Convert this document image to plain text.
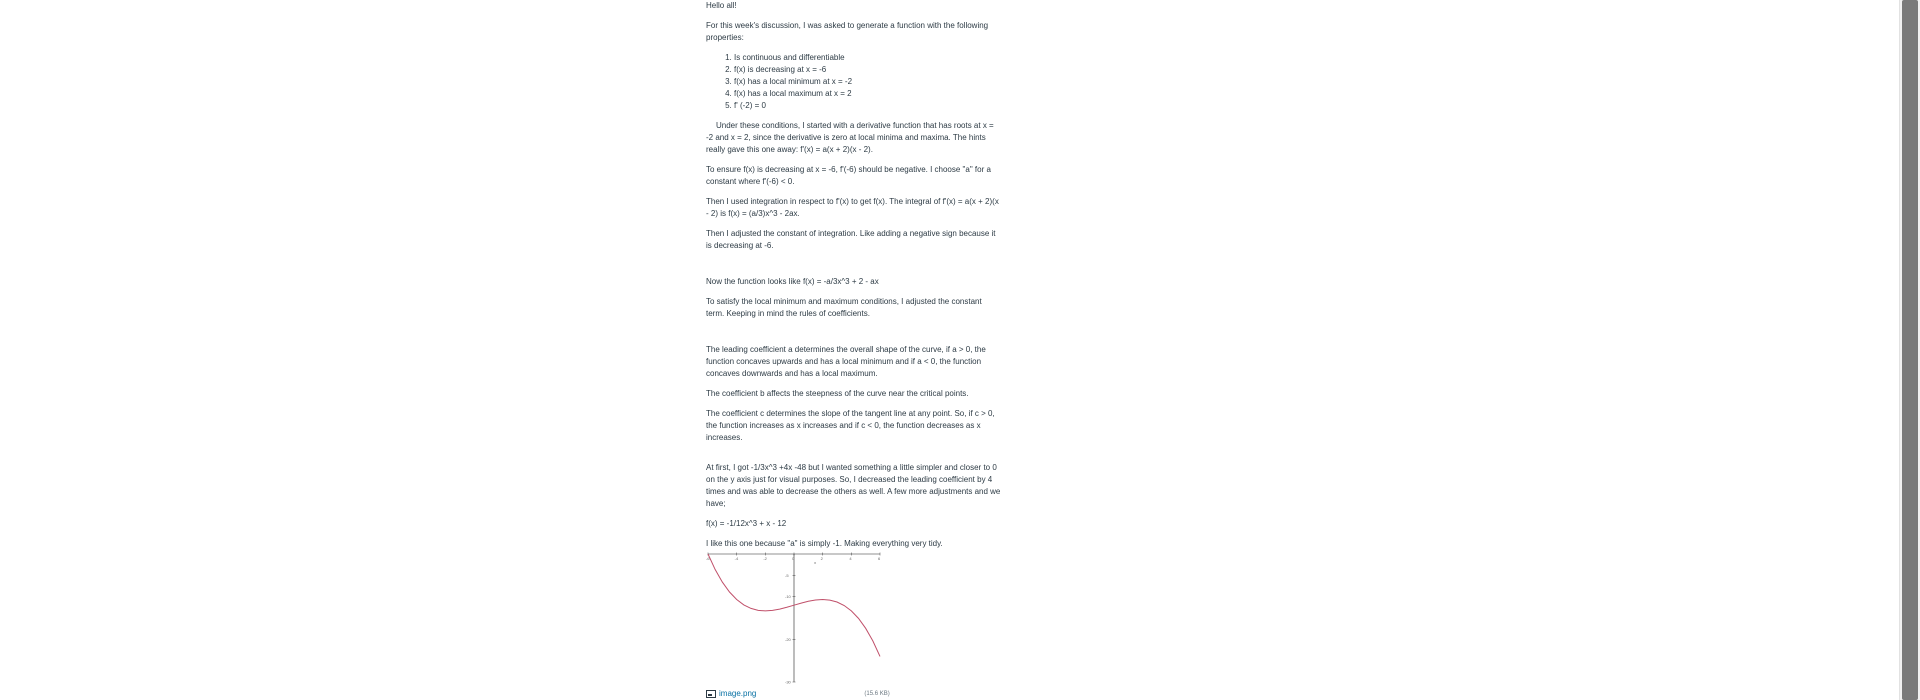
Hello all!

For this week's discussion, I was asked to generate a function with the following properties:

1. Is continuous and differentiable
2. f(x) is decreasing at x = -6
3. f(x) has a local minimum at x = -2
4. f(x) has a local maximum at x = 2
5. f' (-2) = 0

Under these conditions, I started with a derivative function that has roots at x = -2 and x = 2, since the derivative is zero at local minima and maxima. The hints really gave this one away: f'(x) = a(x + 2)(x - 2).

To ensure f(x) is decreasing at x = -6, f'(-6) should be negative. I choose "a" for a constant where f'(-6) < 0.

Then I used integration in respect to f'(x) to get f(x). The integral of f'(x) = a(x + 2)(x - 2) is f(x) = (a/3)x^3 - 2ax.

Then I adjusted the constant of integration. Like adding a negative sign because it is decreasing at -6.

Now the function looks like f(x) = -a/3x^3 + 2 - ax

To satisfy the local minimum and maximum conditions, I adjusted the constant term. Keeping in mind the rules of coefficients.

The leading coefficient a determines the overall shape of the curve, if a > 0, the function concaves upwards and has a local minimum and if a < 0, the function concaves downwards and has a local maximum.

The coefficient b affects the steepness of the curve near the critical points.

The coefficient c determines the slope of the tangent line at any point. So, if c > 0, the function increases as x increases and if c < 0, the function decreases as x increases.

At first, I got -1/3x^3 +4x -48 but I wanted something a little simpler and closer to 0 on the y axis just for visual purposes. So, I decreased the leading coefficient by 4 times and was able to decrease the others as well. A few more adjustments and we have;

f(x) = -1/12x^3 + x - 12

I like this one because "a" is simply -1. Making everything very tidy.

-6	-4	-2	0	2	4	6
-5
-10
-20
-30
x
image.png	(15.6 KB)
